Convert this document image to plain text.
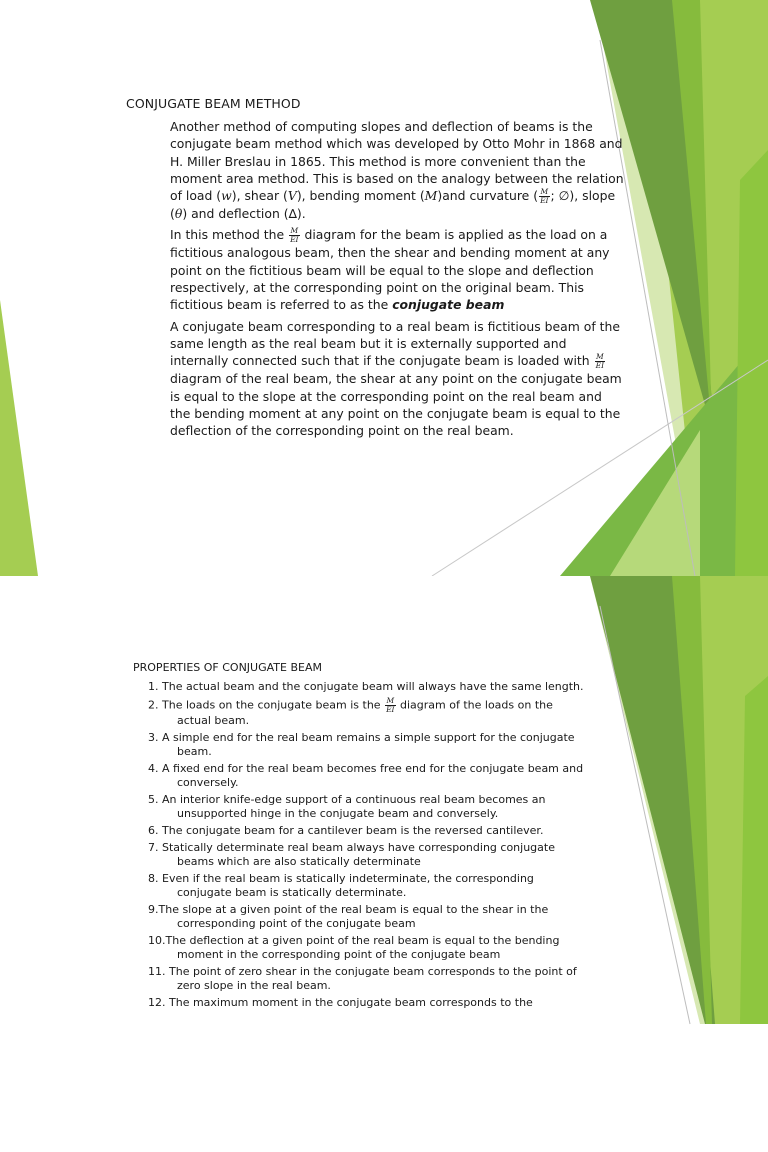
CONJUGATE BEAM METHOD

Another method of computing slopes and deflection of beams is the conjugate beam method which was developed by Otto Mohr in 1868 and H. Miller Breslau in 1865. This method is more convenient than the moment area method. This is based on the analogy between the relation of load (w), shear (V), bending moment (M)and curvature ( $\frac{M}{EI}$ ; ∅), slope (θ) and deflection (∆).

In this method the $\frac{M}{EI}$ diagram for the beam is applied as the load on a fictitious analogous beam, then the shear and bending moment at any point on the fictitious beam will be equal to the slope and deflection respectively, at the corresponding point on the original beam. This fictitious beam is referred to as the conjugate beam

A conjugate beam corresponding to a real beam is fictitious beam of the same length as the real beam but it is externally supported and internally connected such that if the conjugate beam is loaded with $\frac{M}{EI}$
diagram of the real beam, the shear at any point on the conjugate beam is equal to the slope at the corresponding point on the real beam and the bending moment at any point on the conjugate beam is equal to the deflection of the corresponding point on the real beam.

PROPERTIES OF CONJUGATE BEAM
1. The actual beam and the conjugate beam will always have the same length.
2. The loads on the conjugate beam is the $\frac{M}{EI}$ diagram of the loads on the
actual beam.
3. A simple end for the real beam remains a simple support for the conjugate
beam.
4. A fixed end for the real beam becomes free end for the conjugate beam and
conversely.
5. An interior knife-edge support of a continuous real beam becomes an
unsupported hinge in the conjugate beam and conversely.
6. The conjugate beam for a cantilever beam is the reversed cantilever.
7. Statically determinate real beam always have corresponding conjugate
beams which are also statically determinate
8. Even if the real beam is statically indeterminate, the corresponding
conjugate beam is statically determinate.
9.The slope at a given point of the real beam is equal to the shear in the
corresponding point of the conjugate beam
10.The deflection at a given point of the real beam is equal to the bending
moment in the corresponding point of the conjugate beam
11. The point of zero shear in the conjugate beam corresponds to the point of
zero slope in the real beam.
12. The maximum moment in the conjugate beam corresponds to the
